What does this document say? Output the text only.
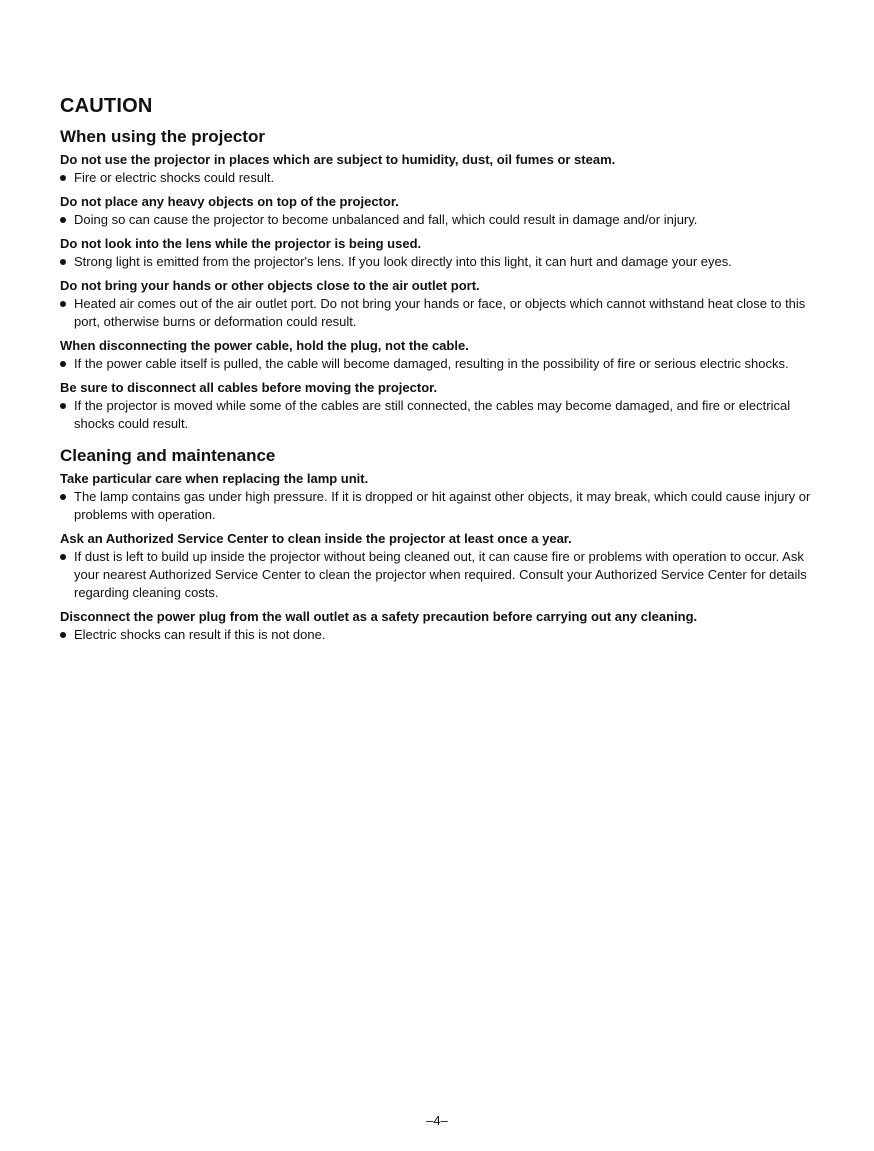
CAUTION
When using the projector

Do not use the projector in places which are subject to humidity, dust, oil fumes or steam.

Fire or electric shocks could result.

Do not place any heavy objects on top of the projector.

Doing so can cause the projector to become unbalanced and fall, which could result in damage and/or injury.

Do not look into the lens while the projector is being used.

Strong light is emitted from the projector's lens. If you look directly into this light, it can hurt and damage your eyes.

Do not bring your hands or other objects close to the air outlet port.

Heated air comes out of the air outlet port. Do not bring your hands or face, or objects which cannot withstand heat close to this port, otherwise burns or deformation could result.

When disconnecting the power cable, hold the plug, not the cable.

If the power cable itself is pulled, the cable will become damaged, resulting in the possibility of fire or serious electric shocks.

Be sure to disconnect all cables before moving the projector.

If the projector is moved while some of the cables are still connected, the cables may become damaged, and fire or electrical shocks could result.
Cleaning and maintenance

Take particular care when replacing the lamp unit.

The lamp contains gas under high pressure. If it is dropped or hit against other objects, it may break, which could cause injury or problems with operation.

Ask an Authorized Service Center to clean inside the projector at least once a year.

If dust is left to build up inside the projector without being cleaned out, it can cause fire or problems with operation to occur. Ask your nearest Authorized Service Center to clean the projector when required. Consult your Authorized Service Center for details regarding cleaning costs.

Disconnect the power plug from the wall outlet as a safety precaution before carrying out any cleaning.

Electric shocks can result if this is not done.
–4–
